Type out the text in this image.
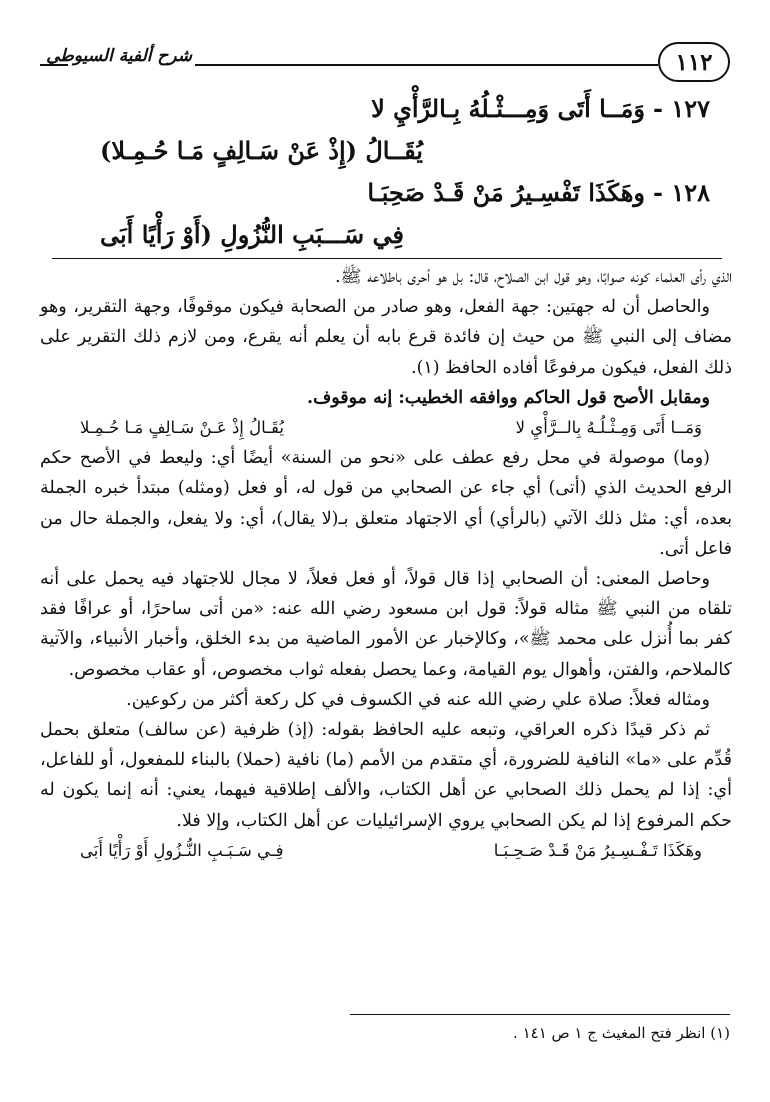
١١٢
شرح ألفية السيوطي
١٢٧ -وَمَــا أَتَى وَمِـــثْـلُهُ بِـالرَّأْيِ لا
يُقَــالُ (إِذْ عَنْ سَـالِفٍ مَـا حُـمِـلا)
١٢٨ -وهَكَذَا تَفْسِـيرُ مَنْ قَـدْ صَحِبَـا
فِي سَـــبَبِ النُّزُولِ (أَوْ رَأْيًا أَبَى

الذي رأى العلماء كونه صوابًا، وهو قول ابن الصلاح، قال: بل هو أحرى باطلاعه ﷺ.

والحاصل أن له جهتين: جهة الفعل، وهو صادر من الصحابة فيكون موقوفًا، وجهة التقرير، وهو مضاف إلى النبي ﷺ من حيث إن فائدة قرع بابه أن يعلم أنه يقرع، ومن لازم ذلك التقرير على ذلك الفعل، فيكون مرفوعًا أفاده الحافظ (١).

ومقابل الأصح قول الحاكم ووافقه الخطيب: إنه موقوف.

وَمَــا أَتَى وَمِـثْـلُـهُ بِالــرَّأْيِ لا
يُقَـالُ إِذْ عَـنْ سَـالِفٍ مَـا حُـمِـلا

(وما) موصولة في محل رفع عطف على «نحو من السنة» أيضًا أي: وليعط في الأصح حكم الرفع الحديث الذي (أتى) أي جاء عن الصحابي من قول له، أو فعل (ومثله) مبتدأ خبره الجملة بعده، أي: مثل ذلك الآتي (بالرأي) أي الاجتهاد متعلق بـ(لا يقال)، أي: ولا يفعل، والجملة حال من فاعل أتى.

وحاصل المعنى: أن الصحابي إذا قال قولاً، أو فعل فعلاً، لا مجال للاجتهاد فيه يحمل على أنه تلقاه من النبي ﷺ مثاله قولاً: قول ابن مسعود رضي الله عنه: «من أتى ساحرًا، أو عرافًا فقد كفر بما أُنزل على محمد ﷺ»، وكالإخبار عن الأمور الماضية من بدء الخلق، وأخبار الأنبياء، والآتية كالملاحم، والفتن، وأهوال يوم القيامة، وعما يحصل بفعله ثواب مخصوص، أو عقاب مخصوص.

ومثاله فعلاً: صلاة علي رضي الله عنه في الكسوف في كل ركعة أكثر من ركوعين.

ثم ذكر قيدًا ذكره العراقي، وتبعه عليه الحافظ بقوله: (إذ) ظرفية (عن سالف) متعلق بحمل قُدِّم على «ما» النافية للضرورة، أي متقدم من الأمم (ما) نافية (حملا) بالبناء للمفعول، أو للفاعل، أي: إذا لم يحمل ذلك الصحابي عن أهل الكتاب، والألف إطلاقية فيهما، يعني: أنه إنما يكون له حكم المرفوع إذا لم يكن الصحابي يروي الإسرائيليات عن أهل الكتاب، وإلا فلا.

وهَكَذَا تَـفْـسِـيرُ مَنْ قَـدْ صَـحِـبَـا
فِـي سَـبَـبِ النُّـزُولِ أَوْ رَأْيًا أَبَى
(١) انظر فتح المغيث ج ١ ص ١٤١ .
